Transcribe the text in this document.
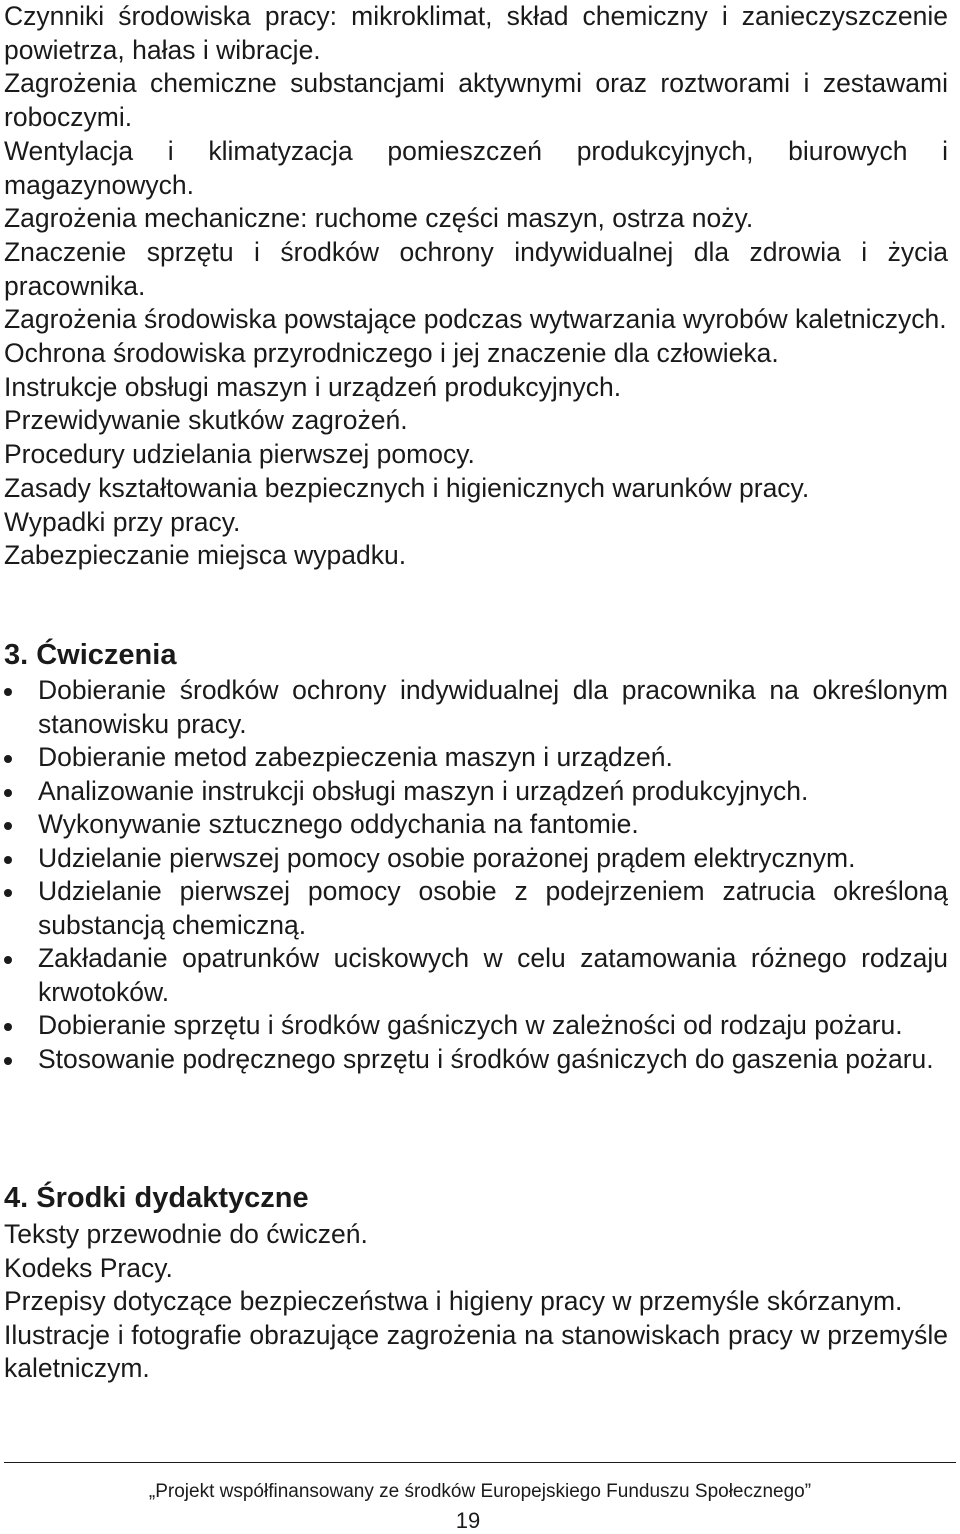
Czynniki środowiska pracy: mikroklimat, skład chemiczny i zanieczyszczenie powietrza, hałas i wibracje.
Zagrożenia chemiczne substancjami aktywnymi oraz roztworami i zestawami roboczymi.
Wentylacja i klimatyzacja pomieszczeń produkcyjnych, biurowych i magazynowych.
Zagrożenia mechaniczne: ruchome części maszyn, ostrza noży.
Znaczenie sprzętu i środków ochrony indywidualnej dla zdrowia i życia pracownika.
Zagrożenia środowiska powstające podczas wytwarzania wyrobów kaletniczych.
Ochrona środowiska przyrodniczego i jej znaczenie dla człowieka.
Instrukcje obsługi maszyn i urządzeń produkcyjnych.
Przewidywanie skutków zagrożeń.
Procedury udzielania pierwszej pomocy.
Zasady kształtowania bezpiecznych i higienicznych warunków pracy.
Wypadki przy pracy.
Zabezpieczanie miejsca wypadku.
3. Ćwiczenia
Dobieranie środków ochrony indywidualnej dla pracownika na określonym stanowisku pracy.
Dobieranie metod zabezpieczenia maszyn i urządzeń.
Analizowanie instrukcji obsługi maszyn i urządzeń produkcyjnych.
Wykonywanie sztucznego oddychania na fantomie.
Udzielanie pierwszej pomocy osobie porażonej prądem elektrycznym.
Udzielanie pierwszej pomocy osobie z podejrzeniem zatrucia określoną substancją chemiczną.
Zakładanie opatrunków uciskowych w celu zatamowania różnego rodzaju krwotoków.
Dobieranie sprzętu i środków gaśniczych w zależności od rodzaju pożaru.
Stosowanie podręcznego sprzętu i środków gaśniczych do gaszenia pożaru.
4. Środki dydaktyczne
Teksty przewodnie do ćwiczeń.
Kodeks Pracy.
Przepisy dotyczące bezpieczeństwa i higieny pracy w przemyśle skórzanym.
Ilustracje i fotografie obrazujące zagrożenia na stanowiskach pracy w przemyśle kaletniczym.
„Projekt współfinansowany ze środków Europejskiego Funduszu Społecznego”
19
